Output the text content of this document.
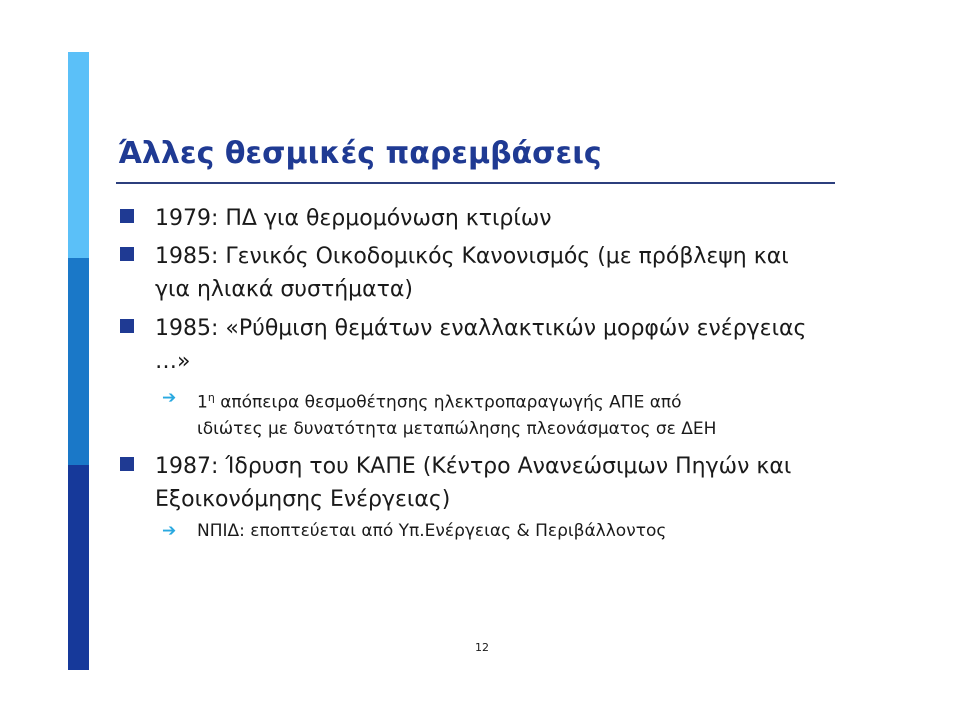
Άλλες θεσμικές παρεμβάσεις
1979: ΠΔ για θερμομόνωση κτιρίων
1985: Γενικός Οικοδομικός Κανονισμός (με πρόβλεψη και για ηλιακά συστήματα)
1985: «Ρύθμιση θεμάτων εναλλακτικών μορφών ενέργειας …»
➔ $1^\eta$ απόπειρα θεσμοθέτησης ηλεκτροπαραγωγής ΑΠΕ από
ιδιώτες με δυνατότητα μεταπώλησης πλεονάσματος σε ΔΕΗ
1987: Ίδρυση του ΚΑΠΕ (Κέντρο Ανανεώσιμων Πηγών και Εξοικονόμησης Ενέργειας)
➔ ΝΠΙΔ: εποπτεύεται από Υπ.Ενέργειας & Περιβάλλοντος
12
